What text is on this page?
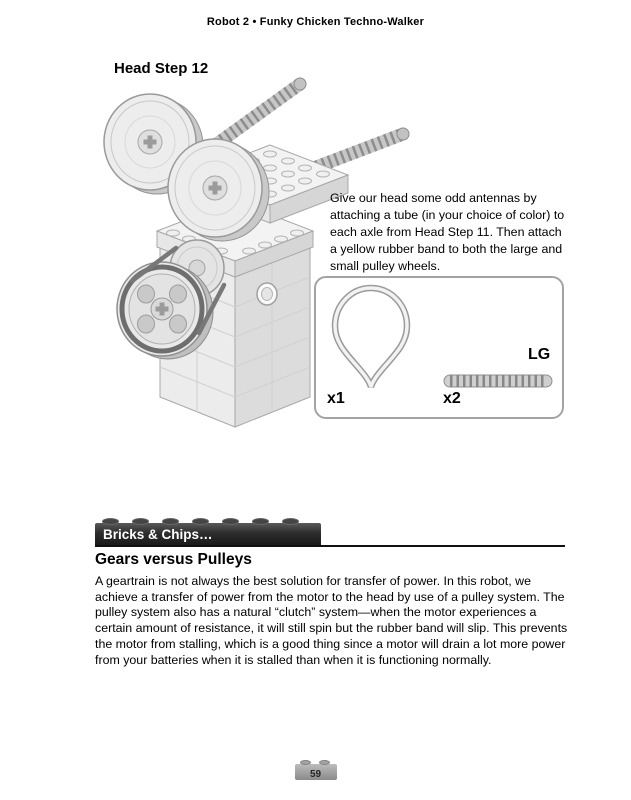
Robot 2 • Funky Chicken Techno-Walker
Head Step 12

Give our head some odd antennas by attaching a tube (in your choice of color) to each axle from Head Step 11. Then attach a yellow rubber band to both the large and small pulley wheels.

x1
LG
x2
Bricks & Chips…
Gears versus Pulleys

A geartrain is not always the best solution for transfer of power. In this robot, we achieve a transfer of power from the motor to the head by use of a pulley system. The pulley system also has a natural “clutch” system—when the motor experiences a certain amount of resistance, it will still spin but the rubber band will slip. This prevents the motor from stalling, which is a good thing since a motor will drain a lot more power from your batteries when it is stalled than when it is functioning normally.

59
